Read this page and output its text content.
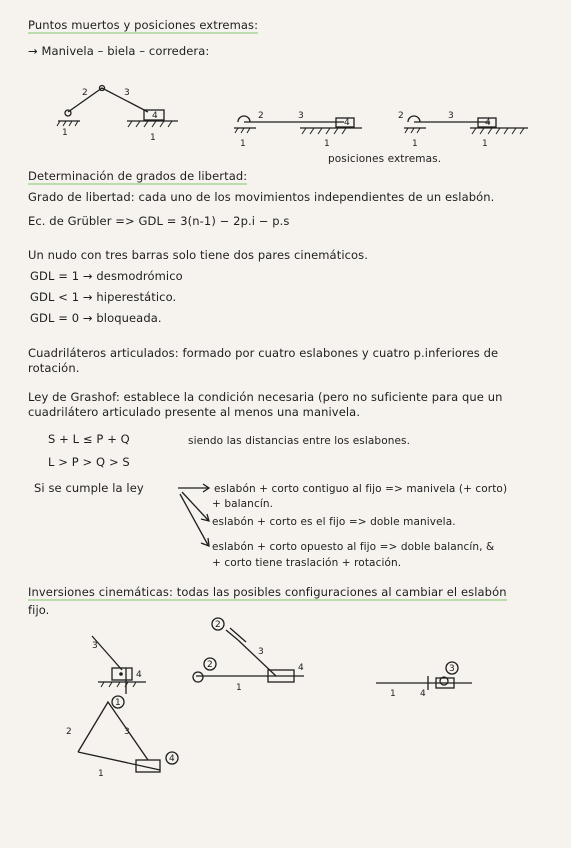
Puntos muertos y posiciones extremas:
→ Manivela – biela – corredera:
posiciones extremas.
Determinación de grados de libertad:
Grado de libertad: cada uno de los movimientos independientes de un eslabón.
Ec. de Grübler => GDL = 3(n-1) − 2p.i − p.s
Un nudo con tres barras solo tiene dos pares cinemáticos.
GDL = 1 → desmodrómico
GDL < 1 → hiperestático.
GDL = 0 → bloqueada.
Cuadriláteros articulados: formado por cuatro eslabones y cuatro p.inferiores de
rotación.
Ley de Grashof: establece la condición necesaria (pero no suficiente para que un
cuadrilátero articulado presente al menos una manivela.
S + L ≤ P + Q	siendo las distancias entre los eslabones.
L > P > Q > S
Si se cumple la ley	eslabón + corto contiguo al fijo => manivela (+ corto)
+ balancín.
eslabón + corto es el fijo => doble manivela.
eslabón + corto opuesto al fijo => doble balancín, &
+ corto tiene traslación + rotación.
Inversiones cinemáticas: todas las posibles configuraciones al cambiar el eslabón
fijo.
2	3
4
1	1
2	3
4
1	1
2	3
4
1	1
1
3
4
2
2
3
4
1
3
1	4
4
2	3
1
